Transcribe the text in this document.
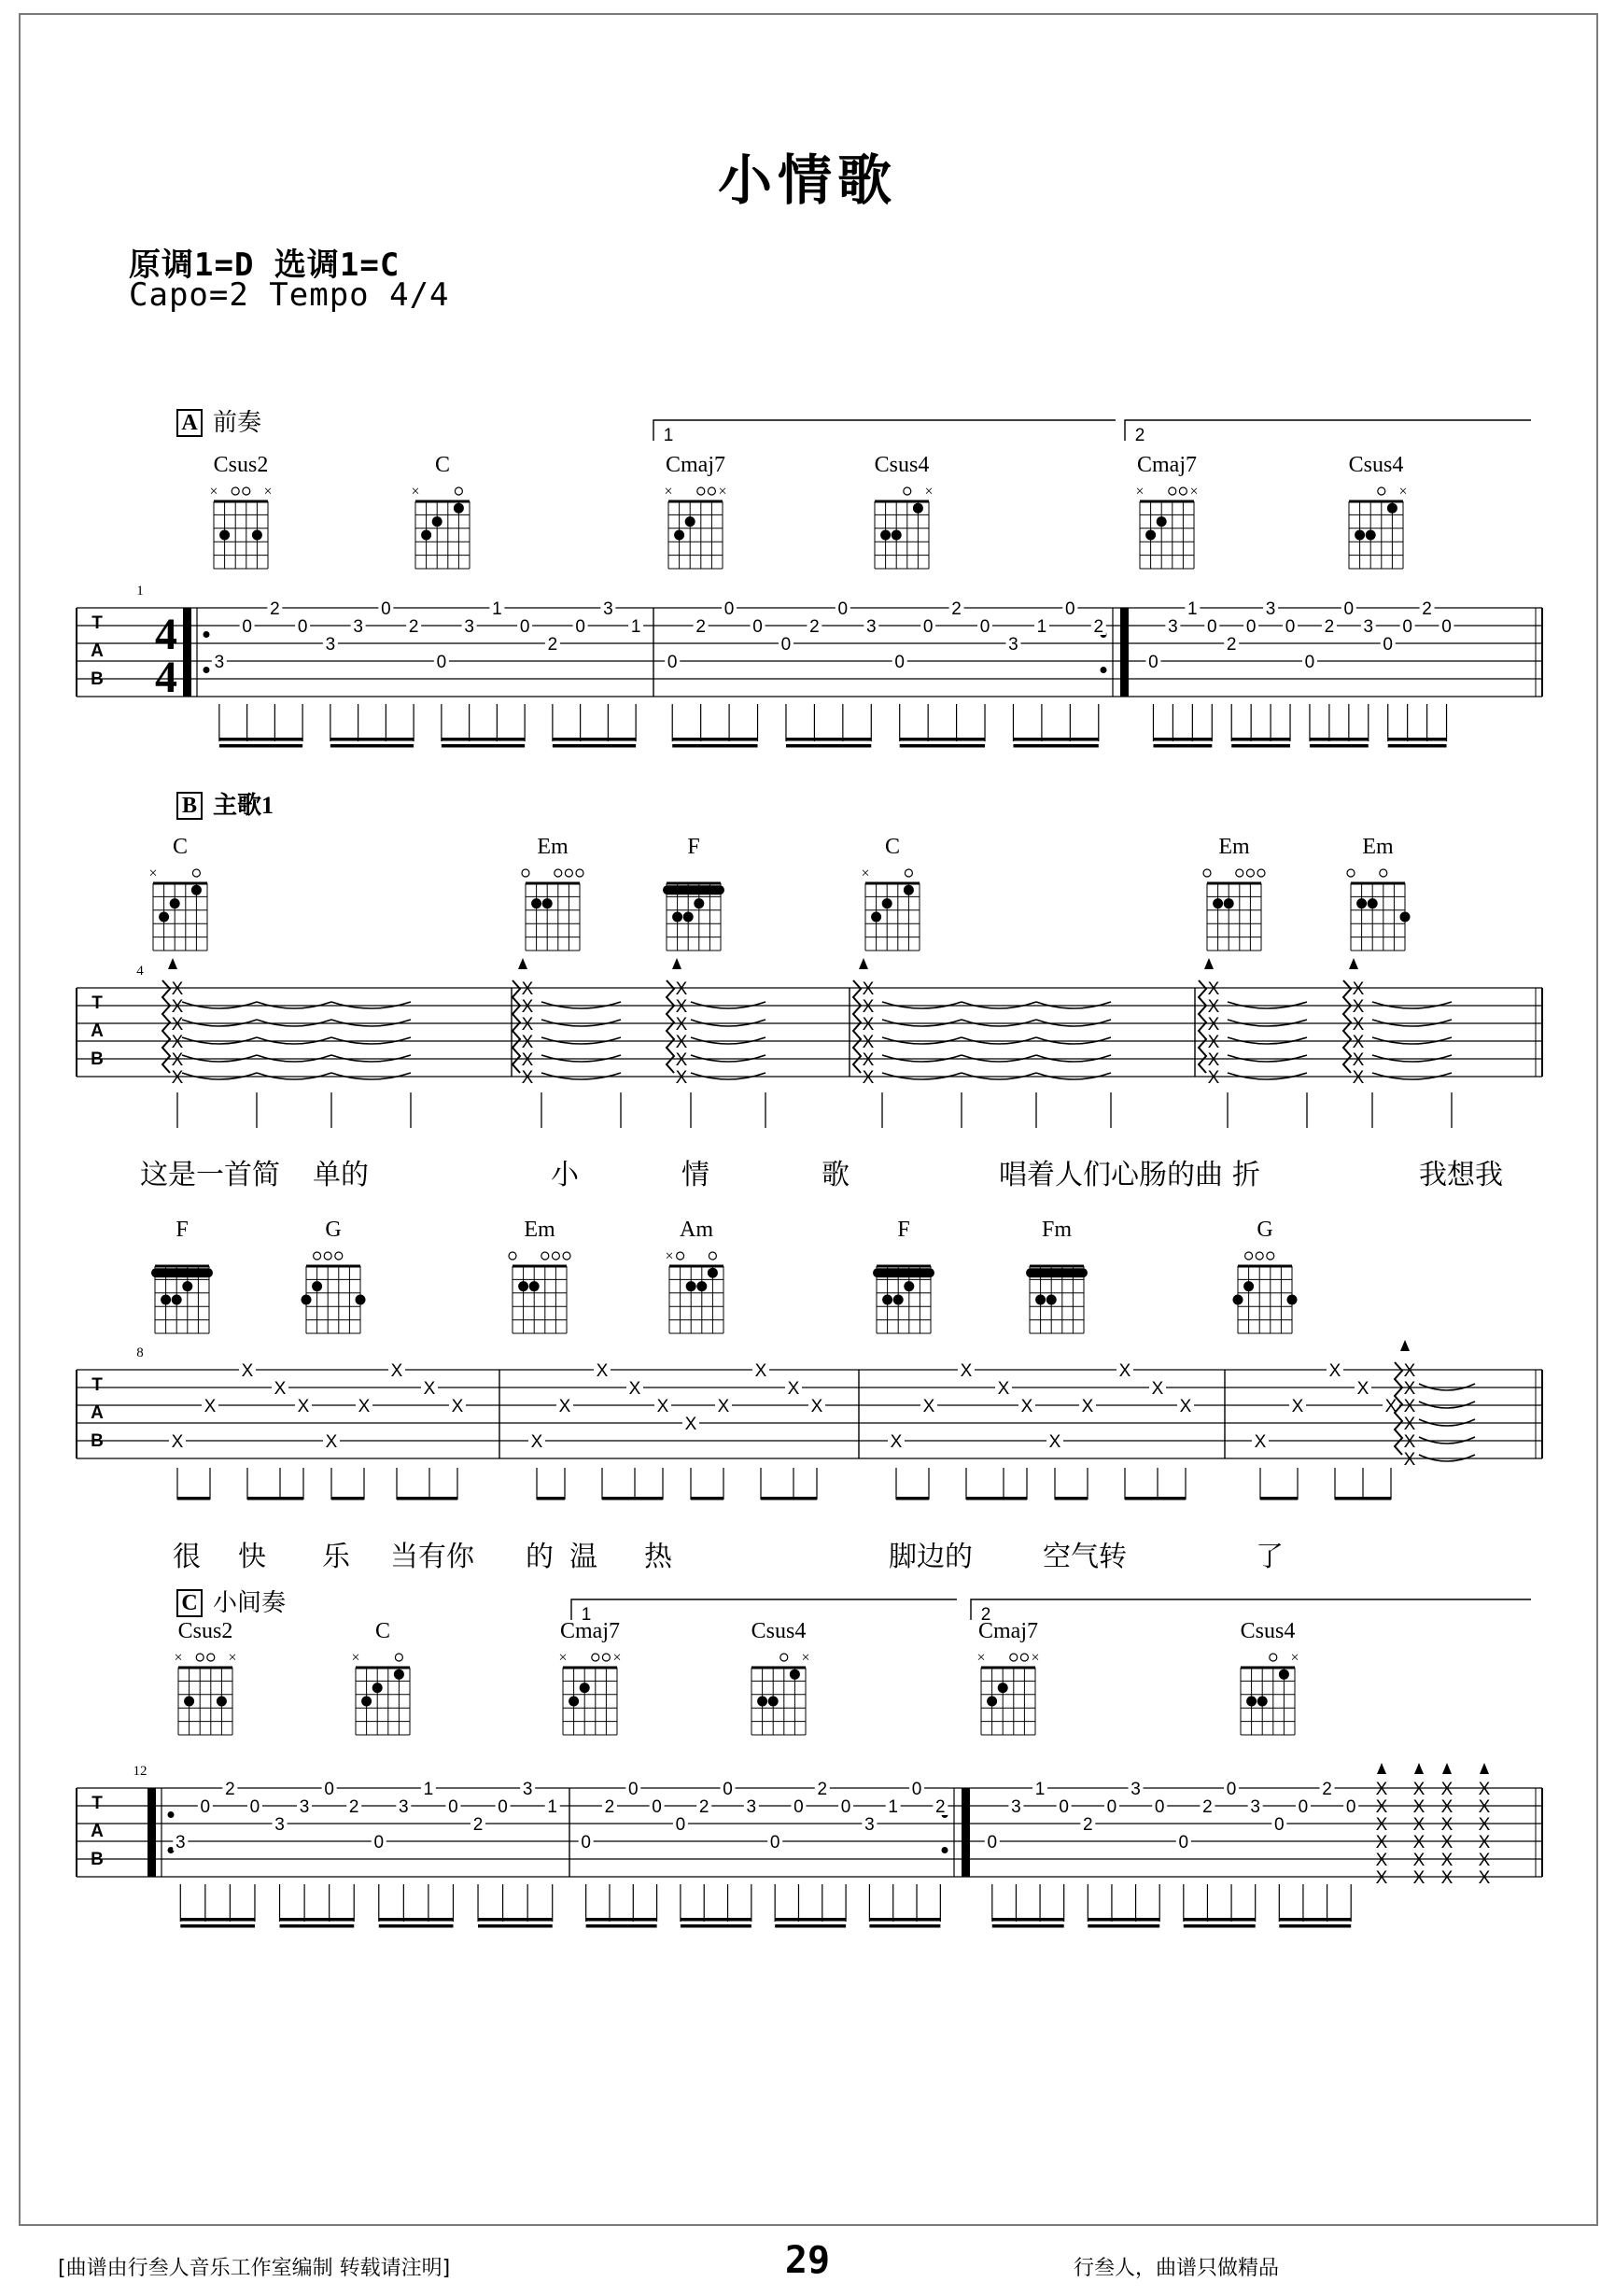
小情歌
原调1=D 选调1=C
Capo=2 Tempo 4/4
Csus2
×	×
C
×
Cmaj7
×	×
Csus4
×
Cmaj7
×	×
Csus4
×
C
×
Em	F	C
×
Em	Em
F	G	Em	Am
×
F	Fm	G
Csus2
×	×
C
×
Cmaj7
×	×
Csus4
×
Cmaj7
×	×
Csus4
×
3
0
2
0
3
3
0
2
0
3
1
0
2
0
3
1
0
2
0
0
0
2
0
3
0
0
2
0
3
1
0
2
0
3
1
0
2
0
3
0
0
2
0
3
0
0
2
0
3
0
2
0
3
3
0
2
0
3
1
0
2
0
3
1
0
2
0
0
0
2
0
3
0
0
2
0
3
1
0
2
0
3
1
0
2
0
3
0
0
2
0
3
0
0
2
0
X
X
X
X
X
X
X
X
X
X
X
X
X
X
X
X
X
X
X
X
X
X
X
X
X
X
X
X
X
X
X
X
X
X
X
X
X
X
X
X
X
X
X
X
X
X
X
X
X
X
X
X
X
X
X
X
X
X
X
X
X
X
X
X
X
X
X
X
X
X
X
X
X
X
X
X
X
X
X
X
X
X
X
X
X
X
X
X
X
X
X
X
X
X
X
X
X
X
X
X
X
T
A
B
1
T
A
B
4
T
A
B
8
T
A
B
12
4
4
A 前奏
B 主歌1
C 小间奏
1	2
1	2
这是一首简 单的	小	情	歌	唱着人们心肠的曲 折	我想我
很 快 乐 当有你 的 温 热	脚边的	空气转	了
[曲谱由行叁人音乐工作室编制 转载请注明]	29	行叁人，曲谱只做精品
